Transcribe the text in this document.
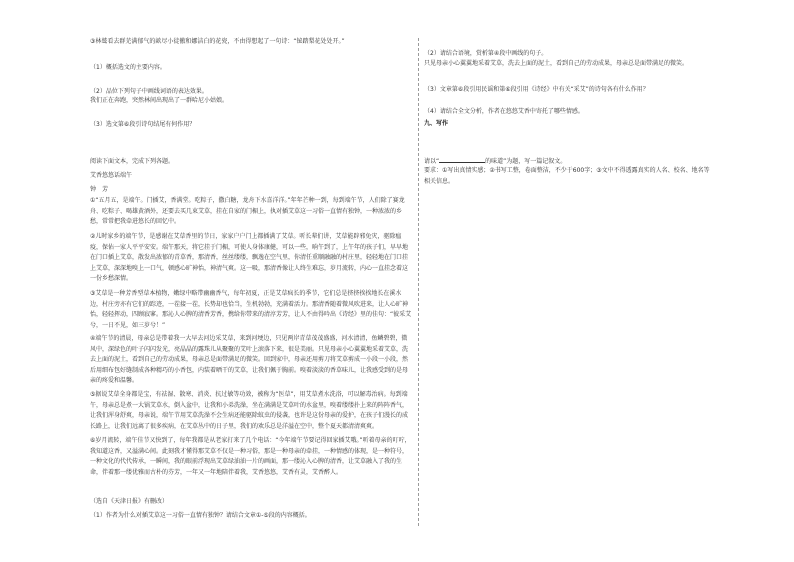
③林鹫看去群芜满郁气的畝尽小徒徼和娜洁白的花瓷，不由得想起了一句诗：“铋踏梨花处处开。”
（1）概括选文的主要内容。
（2）品位下列句子中画线词语的表达效果。
我们正在奔跑，突然林间出现出了一群哈尼小姑娘。
（3）选文第⑥段引诗句结尾有何作用？
阅读下面文本，完成下列各题。
艾香悠悠话端午
钟　芳
①“五月五，是端午。门插艾，香满堂。吃粽子，撒白糖，龙舟下水喜洋洋。”年年芒种一到，每到端午节，人们除了赛龙舟、吃粽子、喝雄黄酒外，还要去买几束艾草，挂在自家的门楣上，执对插艾草这一习俗一直情有独钟，一种浓浓的乡愁，常常把我牵进悠长的回忆中。
②儿时家乡的端午节，是感谢在艾草香里的节日，家家户户门上都插满了艾草。听长辈们讲，艾草能辟邪免灾，驱除瘟疫，保佑一家人平平安安。端午那天，将它挂于门楣，可使人身体康健，可以一些，晌午到了，上午年的孩子们，早早地在门口插上艾草，散发出浓郁的青草香，那清香，丝丝缕缕，飘逸在空气里，你清任重顺融融的村庄里，轻轻地在门口挂上艾草，深深地嗅上一口气，顿感心旷神怡，神清气爽。这一吸，那清香像让人终生难忘，岁月流转，内心一直挂念着这一份乡愁深情。
③艾草是一种芳香型草本植物，嫩绿中略带幽幽香气，每年初夏，正是艾草疯长的季节，它们总是挤挤挨挨地长在溪水边，村庄旁亦有它们的踪迹，一茬接一茬，长势却也恰当，生机勃勃，充满着活力。那清香随着微风吹进来，让人心旷神怡，轻轻挥动，四顾寂寥。那沁人心脾的清香芳香，携给你带来的清淳芳芳，让人不由得吟出《诗经》里的佳句：“彼采艾兮，一日不见，如三岁兮！”
④端午节的清晨，母亲总是带着我一大早去河边采艾草，来到河埂边，只见两岸青草茂茂盛盛，河水清清，鱼鳞碧碧，微风中，深绿色的叶子闪闪发光，亮晶晶的露珠儿从聚聚的艾叶上滚落下来，很是美丽。只见母亲小心翼翼地采着艾草，洗去上面的泥土，看到自己的劳动成果，母亲总是面带满足的微笑。回到家中，母亲还用剪刀将艾草剪成一小段一小段，然后用细布包好缝制成各种精巧的小香包，内装着晒干的艾草，让我们佩于胸前。嗅着淡淡的香草味儿，让我感受到的是母亲的疼爱和温馨。
⑤据说艾草全身都是宝，有祛湿、散寒、消炎、抗过敏等功效，被称为“医草”，用艾草煮水洗浴，可以解毒治病。每到端午，母亲总是煮一大锅艾草水，倒入盆中，让我和小弟洗澡，坐在满满是艾草叶的水盆里，嗅着缕缕扑上来的阵阵香气，让我们浑身舒爽，母亲说，端午节用艾草洗澡不会生病还能驱除蚊虫的侵袭，也许是这份母亲的爱护，在孩子们漫长的成长路上，让我们远离了很多疾病，在艾草丛中的日子里，我们的欢乐总是洋溢在空中，整个夏天都清清爽爽。
⑥岁月流转，端午佳节又快到了，每年我都是从老家打来了几个电话：“今年端午节要记得回家插艾哦。”听着母亲的叮咛，我知道这香，又溢满心间。此刻我才懂得那艾草不仅是一种习俗，那是一种母亲的牵挂，一种情感的体现，是一种符号，一种文化的代代传承，一瞬间，我的眼前浮现出艾草绿油油一片的画面，那一缕沁入心脾的清香，让艾草融入了我的生命，伴着那一缕优雅而古朴的芬芳，一年又一年地陪伴着我，艾香悠悠，艾香有灵，艾香醉人。
（选自《天津日报》有删改）
（1）作者为什么对插艾草这一习俗一直情有独钟？请结合文章①-⑤段的内容概括。
（2）请结合语境，赏析第④段中画线的句子。
只见母亲小心翼翼地采着艾草，洗去上面的泥土，看到自己的劳动成果，母亲总是面带满足的微笑。
（3）文章第⑥段引用民谣和第⑥段引用《诗经》中有关“采艾”的诗句各有什么作用？
（4）请结合全文分析，作者在悠悠艾香中寄托了哪些情感。
九、写作
请以“	的味道”为题，写一篇记叙文。
要求：①写出真情实感；②书写工整，卷面整洁，不少于600字；③文中不得透露真实的人名、校名、地名等相关信息。
